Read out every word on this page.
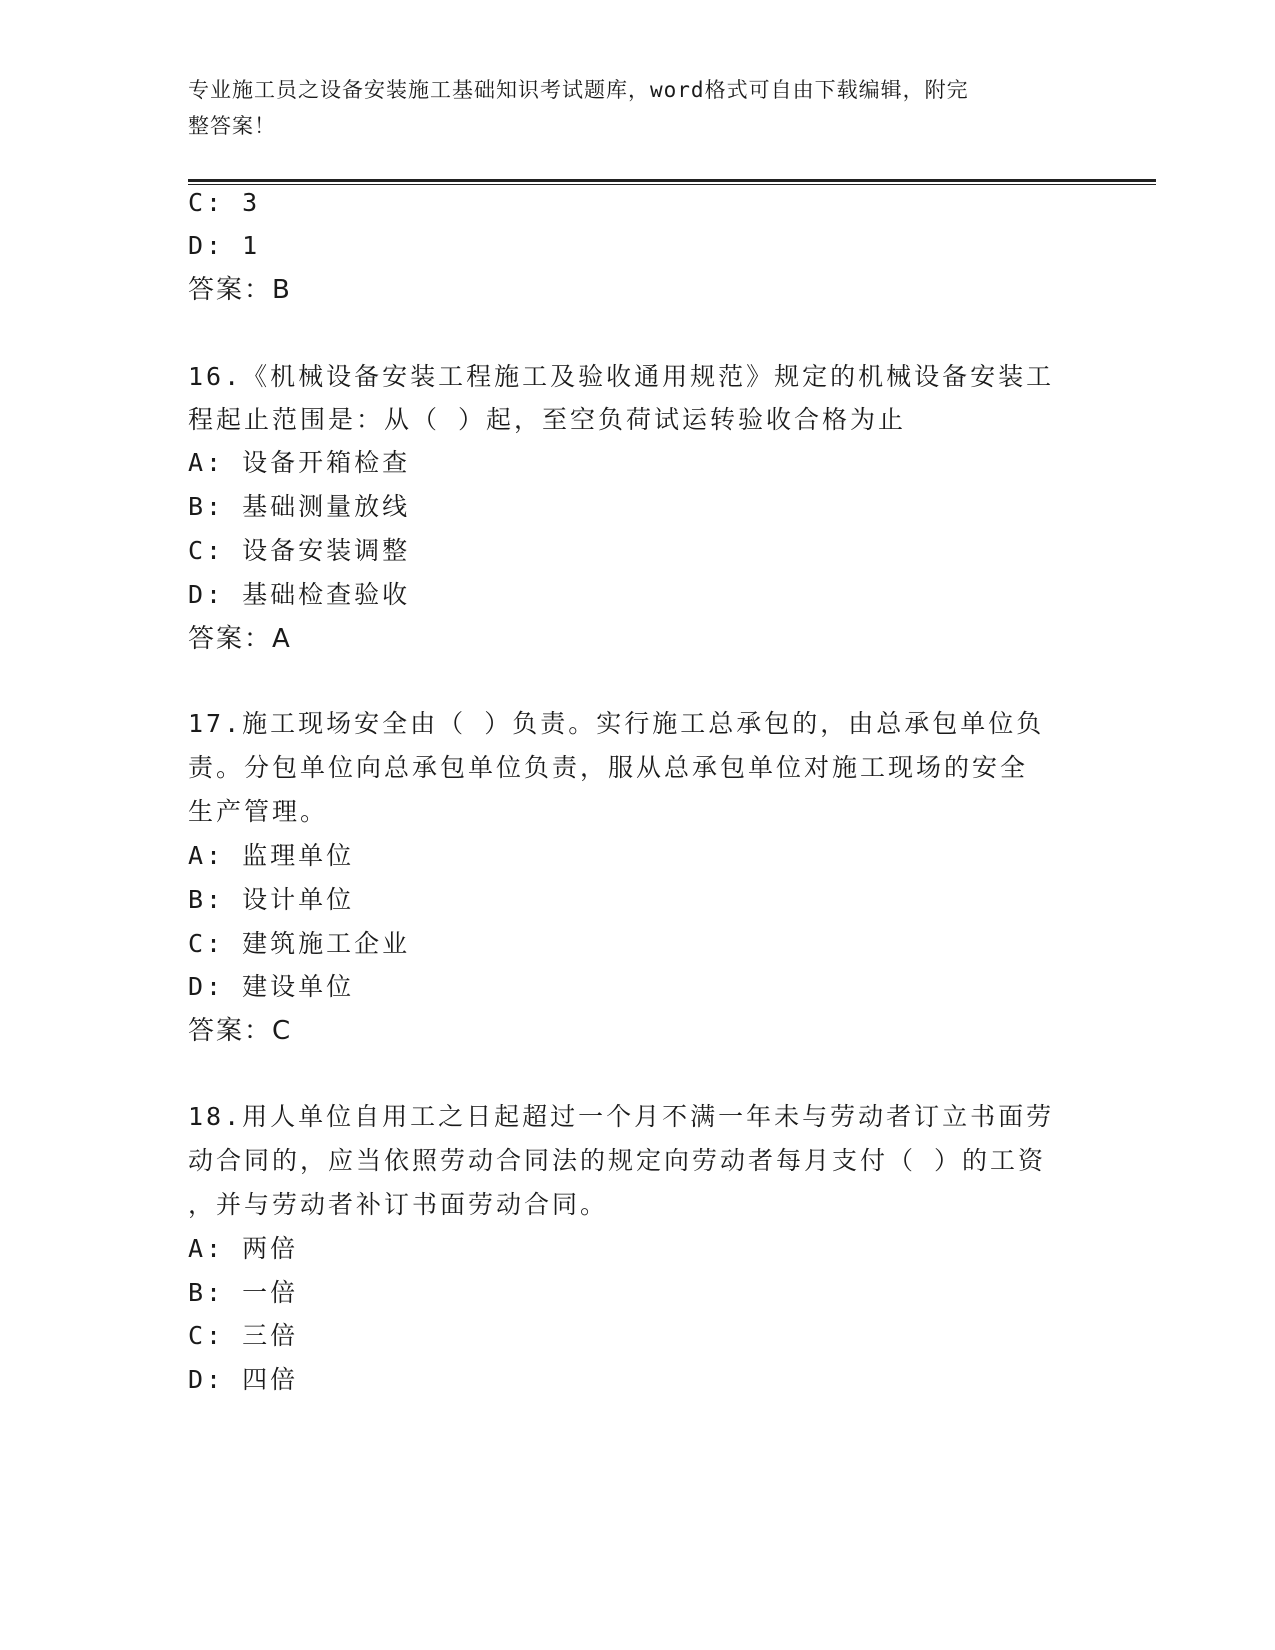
专业施工员之设备安装施工基础知识考试题库，word格式可自由下载编辑，附完
整答案！
C: 3
D: 1
答案：B
16.《机械设备安装工程施工及验收通用规范》规定的机械设备安装工
程起止范围是：从（ ）起，至空负荷试运转验收合格为止
A: 设备开箱检查
B: 基础测量放线
C: 设备安装调整
D: 基础检查验收
答案：A
17.施工现场安全由（ ）负责。实行施工总承包的，由总承包单位负
责。分包单位向总承包单位负责，服从总承包单位对施工现场的安全
生产管理。
A: 监理单位
B: 设计单位
C: 建筑施工企业
D: 建设单位
答案：C
18.用人单位自用工之日起超过一个月不满一年未与劳动者订立书面劳
动合同的，应当依照劳动合同法的规定向劳动者每月支付（ ）的工资
，并与劳动者补订书面劳动合同。
A: 两倍
B: 一倍
C: 三倍
D: 四倍
